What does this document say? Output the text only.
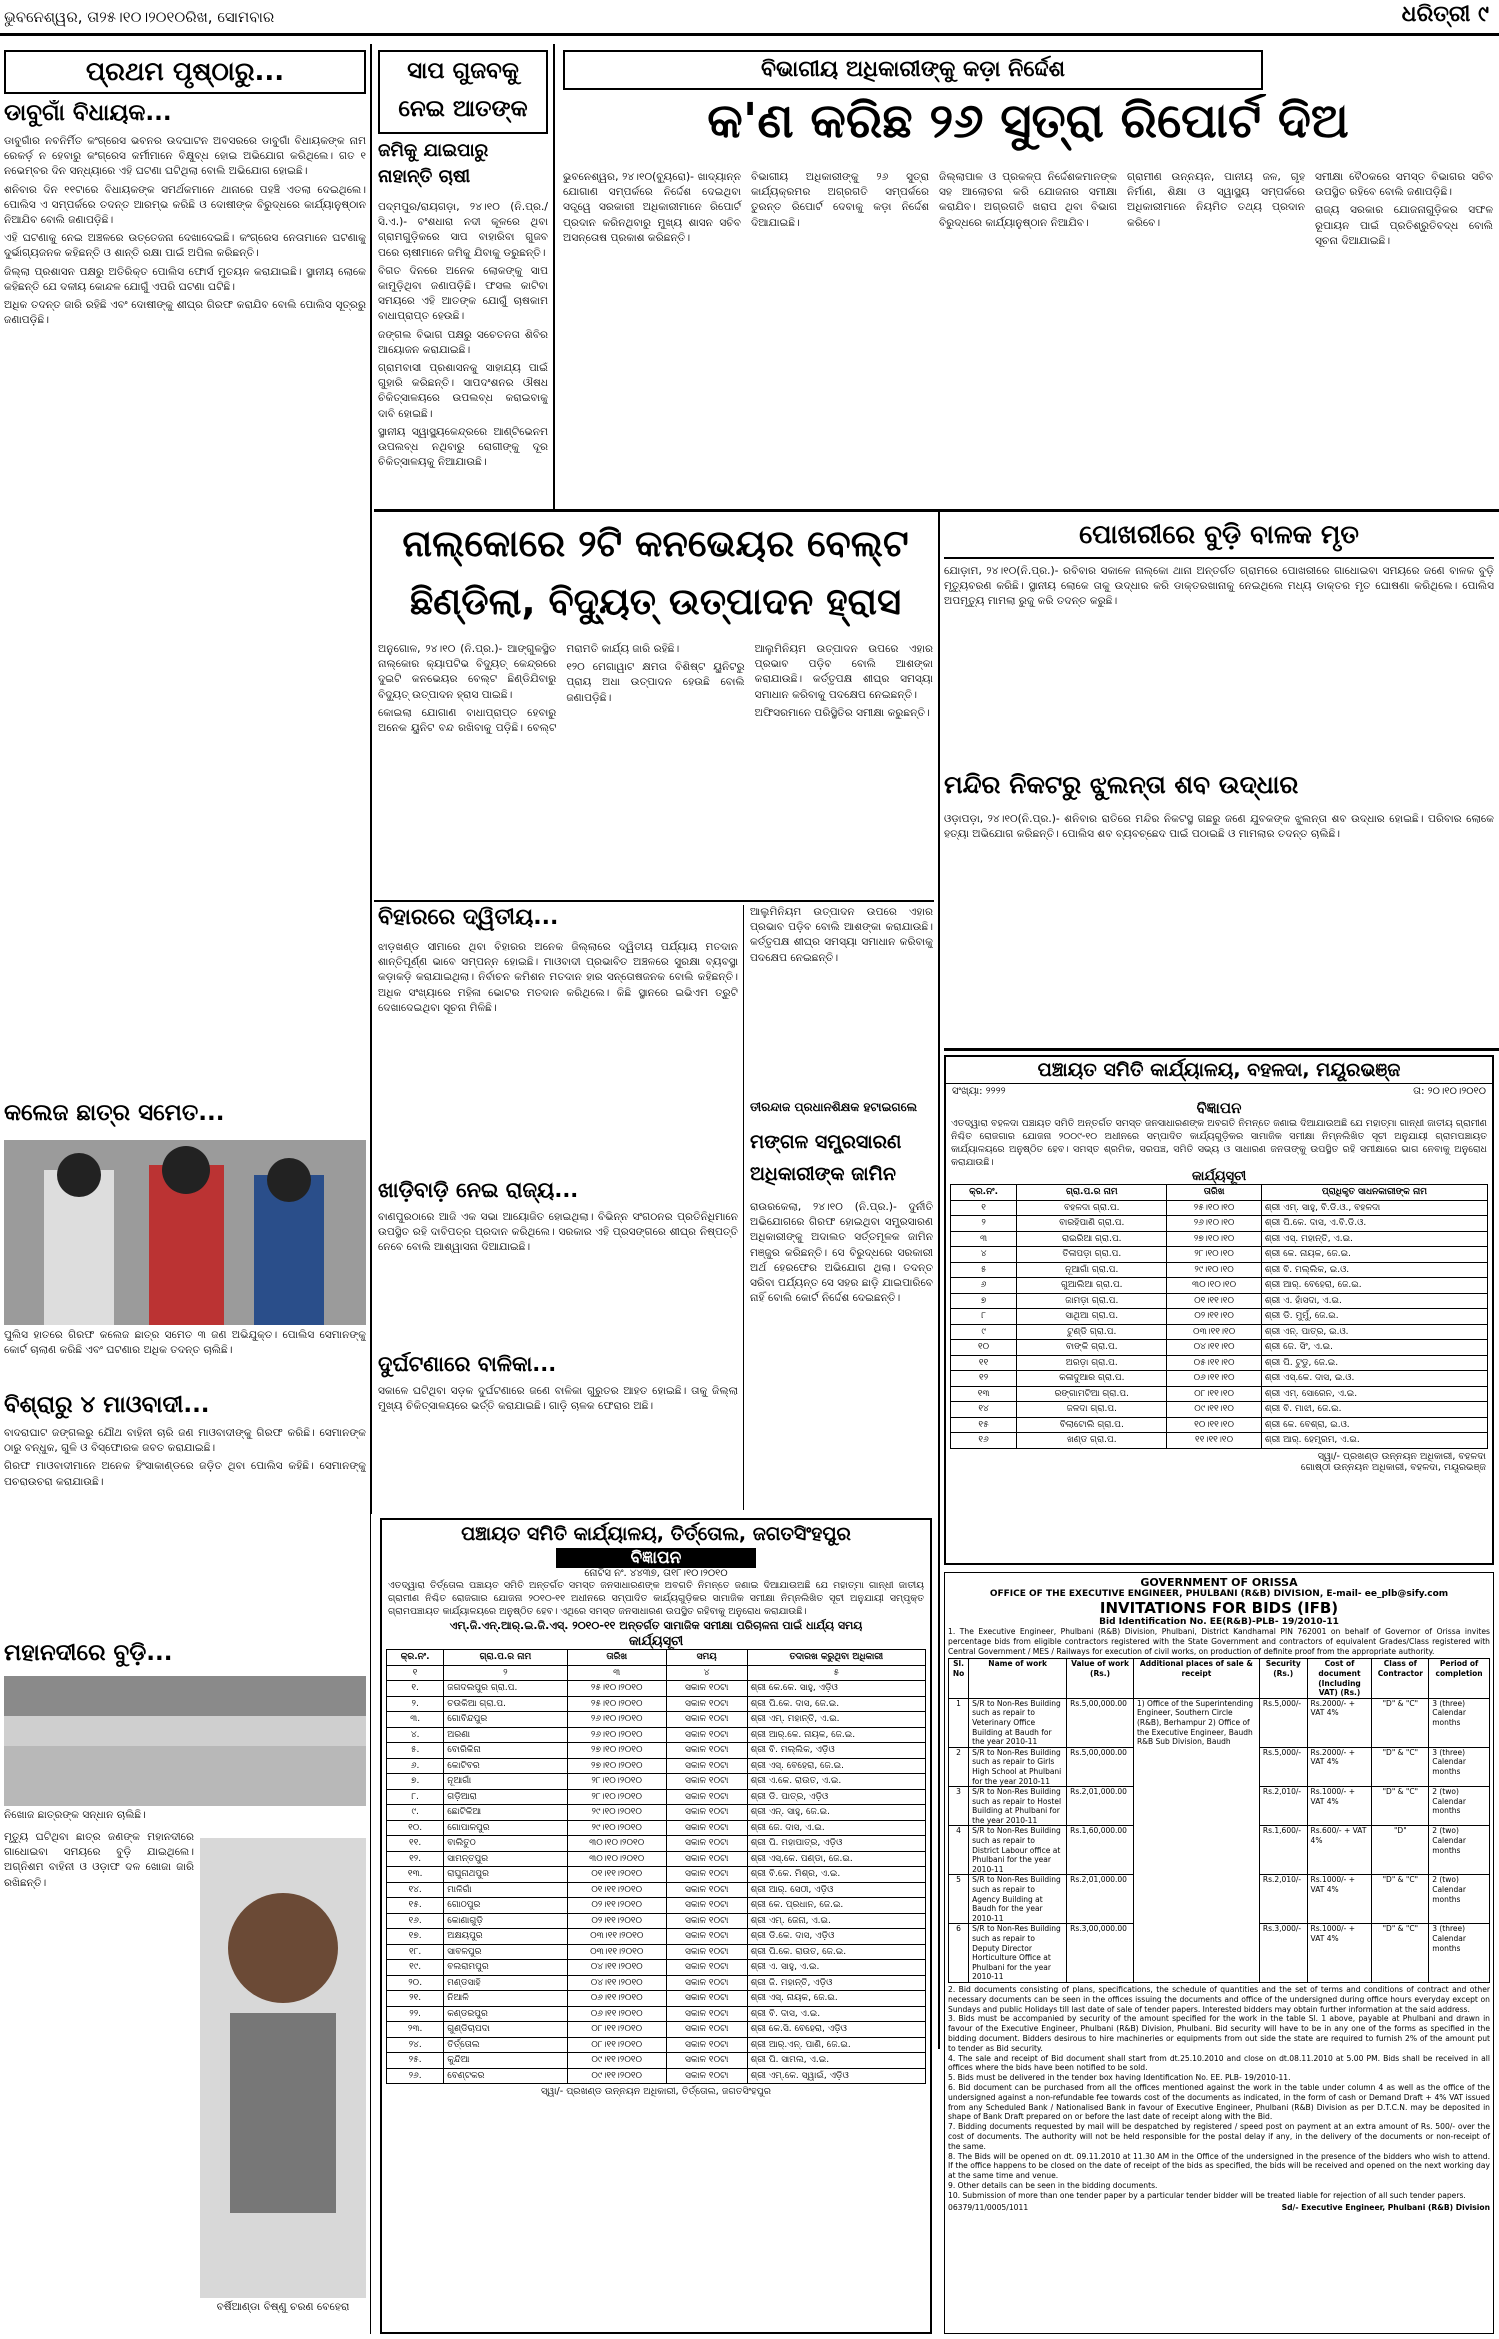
ଭୁବନେଶ୍ୱର, ତା୨୫।୧୦।୨୦୧୦ରିଖ, ସୋମବାର	ଧରିତ୍ରୀ ୯
ପ୍ରଥମ ପୃଷ୍ଠାରୁ...
ଡାବୁଗାଁ ବିଧାୟକ...

ଡାବୁଗାଁର ନବନିର୍ମିତ କଂଗ୍ରେସ ଭବନର ଉଦଘାଟନ ଅବସରରେ ଡାବୁଗାଁ ବିଧାୟକଙ୍କ ନାମ ରେକର୍ଡ଼ ନ ହେବାରୁ କଂଗ୍ରେସ କର୍ମୀମାନେ ବିକ୍ଷୁବ୍ଧ ହୋଇ ଅଭିଯୋଗ କରିଥିଲେ। ଗତ ୧ ନଭେମ୍ବର ଦିନ ସନ୍ଧ୍ୟାରେ ଏହି ଘଟଣା ଘଟିଥିଲା ବୋଲି ଅଭିଯୋଗ ହୋଇଛି।

ଶନିବାର ଦିନ ୧୧ଟାରେ ବିଧାୟକଙ୍କ ସମର୍ଥକମାନେ ଥାନାରେ ପହଞ୍ଚି ଏତଲା ଦେଇଥିଲେ। ପୋଲିସ ଏ ସମ୍ପର୍କରେ ତଦନ୍ତ ଆରମ୍ଭ କରିଛି ଓ ଦୋଷୀଙ୍କ ବିରୁଦ୍ଧରେ କାର୍ଯ୍ୟାନୁଷ୍ଠାନ ନିଆଯିବ ବୋଲି ଜଣାପଡ଼ିଛି।

ଏହି ଘଟଣାକୁ ନେଇ ଅଞ୍ଚଳରେ ଉତ୍ତେଜନା ଦେଖାଦେଇଛି। କଂଗ୍ରେସ ନେତାମାନେ ଘଟଣାକୁ ଦୁର୍ଭାଗ୍ୟଜନକ କହିଛନ୍ତି ଓ ଶାନ୍ତି ରକ୍ଷା ପାଇଁ ଅପିଲ କରିଛନ୍ତି।

ଜିଲ୍ଲା ପ୍ରଶାସନ ପକ୍ଷରୁ ଅତିରିକ୍ତ ପୋଲିସ ଫୋର୍ସ ମୁତୟନ କରାଯାଇଛି। ସ୍ଥାନୀୟ ଲୋକେ କହିଛନ୍ତି ଯେ ଦଳୀୟ କୋନ୍ଦଳ ଯୋଗୁଁ ଏପରି ଘଟଣା ଘଟିଛି।

ଅଧିକ ତଦନ୍ତ ଜାରି ରହିଛି ଏବଂ ଦୋଷୀଙ୍କୁ ଶୀଘ୍ର ଗିରଫ କରାଯିବ ବୋଲି ପୋଲିସ ସୂତ୍ରରୁ ଜଣାପଡ଼ିଛି।

କଲେଜ ଛାତ୍ର ସମେତ...
ପୁଲିସ ହାତରେ ଗିରଫ କଲେଜ ଛାତ୍ର ସମେତ ୩ ଜଣ ଅଭିଯୁକ୍ତ। ପୋଲିସ ସେମାନଙ୍କୁ କୋର୍ଟ ଚାଲାଣ କରିଛି ଏବଂ ଘଟଣାର ଅଧିକ ତଦନ୍ତ ଚାଲିଛି।
ବିଶ୍ରାରୁ ୪ ମାଓବାଦୀ...

ବାଦରାଘାଟ ଜଙ୍ଗଲରୁ ଯୌଥ ବାହିନୀ ଚାରି ଜଣ ମାଓବାଦୀଙ୍କୁ ଗିରଫ କରିଛି। ସେମାନଙ୍କ ଠାରୁ ବନ୍ଧୁକ, ଗୁଳି ଓ ବିସ୍ଫୋରକ ଜବତ କରାଯାଇଛି।

ଗିରଫ ମାଓବାଦୀମାନେ ଅନେକ ହିଂସାକାଣ୍ଡରେ ଜଡ଼ିତ ଥିବା ପୋଲିସ କହିଛି। ସେମାନଙ୍କୁ ପଚରାଉଚରା କରାଯାଉଛି।

ମହାନଦୀରେ ବୁଡ଼ି...
ନିଖୋଜ ଛାତ୍ରଙ୍କ ସନ୍ଧାନ ଚାଲିଛି।
ମୃତ୍ୟୁ ଘଟିଥିବା ଛାତ୍ର ଜଣଙ୍କ ମହାନଦୀରେ ଗାଧୋଇବା ସମୟରେ ବୁଡ଼ି ଯାଇଥିଲେ। ଅଗ୍ନିଶମ ବାହିନୀ ଓ ଓଡ଼ାଫ ଦଳ ଖୋଜା ଜାରି ରଖିଛନ୍ତି।
ବର୍ଷିଆଣ୍ଡା ବିଷ୍ଣୁ ଚରଣ ବେହେରା
ସାପ ଗୁଜବକୁ ନେଇ ଆତଙ୍କ
ଜମିକୁ ଯାଇପାରୁ ନାହାନ୍ତି ଚାଷୀ

ପଦ୍ମପୁର/ରାୟଗଡ଼ା, ୨୪।୧୦ (ନି.ପ୍ର./ସି.ଏ.)- ବଂଶଧାରା ନଦୀ କୂଳରେ ଥିବା ଗ୍ରାମଗୁଡ଼ିକରେ ସାପ ବାହାରିବା ଗୁଜବ ପରେ ଚାଷୀମାନେ ଜମିକୁ ଯିବାକୁ ଡରୁଛନ୍ତି।

ବିଗତ ଦିନରେ ଅନେକ ଲୋକଙ୍କୁ ସାପ କାମୁଡ଼ିଥିବା ଜଣାପଡ଼ିଛି। ଫସଲ କାଟିବା ସମୟରେ ଏହି ଆତଙ୍କ ଯୋଗୁଁ ଚାଷକାମ ବାଧାପ୍ରାପ୍ତ ହେଉଛି।

ଜଙ୍ଗଲ ବିଭାଗ ପକ୍ଷରୁ ସଚେତନତା ଶିବିର ଆୟୋଜନ କରାଯାଇଛି।

ଗ୍ରାମବାସୀ ପ୍ରଶାସନକୁ ସାହାଯ୍ୟ ପାଇଁ ଗୁହାରି କରିଛନ୍ତି। ସାପଦଂଶନର ଔଷଧ ଚିକିତ୍ସାଳୟରେ ଉପଲବ୍ଧ କରାଇବାକୁ ଦାବି ହୋଇଛି।

ସ୍ଥାନୀୟ ସ୍ୱାସ୍ଥ୍ୟକେନ୍ଦ୍ରରେ ଆଣ୍ଟିଭେନମ ଉପଲବ୍ଧ ନଥିବାରୁ ରୋଗୀଙ୍କୁ ଦୂର ଚିକିତ୍ସାଳୟକୁ ନିଆଯାଉଛି।

ବିଭାଗୀୟ ଅଧିକାରୀଙ୍କୁ କଡ଼ା ନିର୍ଦ୍ଦେଶ
କ'ଣ କରିଛ ୨୬ ସୁତ୍ରା ରିପୋର୍ଟ ଦିଅ

ଭୁବନେଶ୍ୱର, ୨୪।୧୦(ବ୍ୟୁରୋ)- ଖାଦ୍ୟାନ୍ନ ଯୋଗାଣ ସମ୍ପର୍କରେ ନିର୍ଦ୍ଦେଶ ଦେଇଥିବା ସତ୍ତ୍ୱେ ସରକାରୀ ଅଧିକାରୀମାନେ ରିପୋର୍ଟ ପ୍ରଦାନ କରିନଥିବାରୁ ମୁଖ୍ୟ ଶାସନ ସଚିବ ଅସନ୍ତୋଷ ପ୍ରକାଶ କରିଛନ୍ତି।

ବିଭାଗୀୟ ଅଧିକାରୀଙ୍କୁ ୨୬ ସୁତ୍ରା କାର୍ଯ୍ୟକ୍ରମର ଅଗ୍ରଗତି ସମ୍ପର୍କରେ ତୁରନ୍ତ ରିପୋର୍ଟ ଦେବାକୁ କଡ଼ା ନିର୍ଦ୍ଦେଶ ଦିଆଯାଇଛି।

ଜିଲ୍ଲାପାଳ ଓ ପ୍ରକଳ୍ପ ନିର୍ଦ୍ଦେଶକମାନଙ୍କ ସହ ଆଲୋଚନା କରି ଯୋଜନାର ସମୀକ୍ଷା କରାଯିବ। ଅଗ୍ରଗତି ଖରାପ ଥିବା ବିଭାଗ ବିରୁଦ୍ଧରେ କାର୍ଯ୍ୟାନୁଷ୍ଠାନ ନିଆଯିବ।

ଗ୍ରାମୀଣ ଉନ୍ନୟନ, ପାନୀୟ ଜଳ, ଗୃହ ନିର୍ମାଣ, ଶିକ୍ଷା ଓ ସ୍ୱାସ୍ଥ୍ୟ ସମ୍ପର୍କରେ ଅଧିକାରୀମାନେ ନିୟମିତ ତଥ୍ୟ ପ୍ରଦାନ କରିବେ।

ସମୀକ୍ଷା ବୈଠକରେ ସମସ୍ତ ବିଭାଗର ସଚିବ ଉପସ୍ଥିତ ରହିବେ ବୋଲି ଜଣାପଡ଼ିଛି।

ରାଜ୍ୟ ସରକାର ଯୋଜନାଗୁଡ଼ିକର ସଫଳ ରୂପାୟନ ପାଇଁ ପ୍ରତିଶ୍ରୁତିବଦ୍ଧ ବୋଲି ସୂଚନା ଦିଆଯାଇଛି।

ନାଲ୍କୋରେ ୨ଟି କନଭେୟର ବେଲ୍ଟ ଛିଣ୍ଡିଲା, ବିଦ୍ୟୁତ୍ ଉତ୍ପାଦନ ହ୍ରାସ

ଅନୁଗୋଳ, ୨୪।୧୦ (ନି.ପ୍ର.)- ଆଙ୍ଗୁଳସ୍ଥିତ ନାଲ୍କୋର କ୍ୟାପଟିଭ ବିଦ୍ୟୁତ୍ କେନ୍ଦ୍ରରେ ଦୁଇଟି କନଭେୟର ବେଲ୍ଟ ଛିଣ୍ଡିଯିବାରୁ ବିଦ୍ୟୁତ୍ ଉତ୍ପାଦନ ହ୍ରାସ ପାଇଛି।

କୋଇଲା ଯୋଗାଣ ବାଧାପ୍ରାପ୍ତ ହେବାରୁ ଅନେକ ୟୁନିଟ ବନ୍ଦ ରଖିବାକୁ ପଡ଼ିଛି। ବେଲ୍ଟ ମରାମତି କାର୍ଯ୍ୟ ଜାରି ରହିଛି।

୧୨୦ ମେଗାୱାଟ କ୍ଷମତା ବିଶିଷ୍ଟ ୟୁନିଟରୁ ପ୍ରାୟ ଅଧା ଉତ୍ପାଦନ ହେଉଛି ବୋଲି ଜଣାପଡ଼ିଛି।

ଆଲୁମିନିୟମ ଉତ୍ପାଦନ ଉପରେ ଏହାର ପ୍ରଭାବ ପଡ଼ିବ ବୋଲି ଆଶଙ୍କା କରାଯାଉଛି। କର୍ତ୍ତୃପକ୍ଷ ଶୀଘ୍ର ସମସ୍ୟା ସମାଧାନ କରିବାକୁ ପଦକ୍ଷେପ ନେଇଛନ୍ତି।

ଅଫିସରମାନେ ପରିସ୍ଥିତିର ସମୀକ୍ଷା କରୁଛନ୍ତି।

ପୋଖରୀରେ ବୁଡ଼ି ବାଳକ ମୃତ
ଯୋଡ଼ାମ, ୨୪।୧୦(ନି.ପ୍ର.)- ରବିବାର ସକାଳେ ନାଲ୍କୋ ଥାନା ଅନ୍ତର୍ଗତ ଗ୍ରାମରେ ପୋଖରୀରେ ଗାଧୋଇବା ସମୟରେ ଜଣେ ବାଳକ ବୁଡ଼ି ମୃତ୍ୟୁବରଣ କରିଛି। ସ୍ଥାନୀୟ ଲୋକେ ତାକୁ ଉଦ୍ଧାର କରି ଡାକ୍ତରଖାନାକୁ ନେଇଥିଲେ ମଧ୍ୟ ଡାକ୍ତର ମୃତ ଘୋଷଣା କରିଥିଲେ। ପୋଲିସ ଅପମୃତ୍ୟୁ ମାମଲା ରୁଜୁ କରି ତଦନ୍ତ କରୁଛି।
ମନ୍ଦିର ନିକଟରୁ ଝୁଲନ୍ତା ଶବ ଉଦ୍ଧାର
ଓଡ଼ାପଡ଼ା, ୨୪।୧୦(ନି.ପ୍ର.)- ଶନିବାର ରାତିରେ ମନ୍ଦିର ନିକଟସ୍ଥ ଗଛରୁ ଜଣେ ଯୁବକଙ୍କ ଝୁଲନ୍ତା ଶବ ଉଦ୍ଧାର ହୋଇଛି। ପରିବାର ଲୋକେ ହତ୍ୟା ଅଭିଯୋଗ କରିଛନ୍ତି। ପୋଲିସ ଶବ ବ୍ୟବଚ୍ଛେଦ ପାଇଁ ପଠାଇଛି ଓ ମାମଲାର ତଦନ୍ତ ଚାଲିଛି।
ବିହାରରେ ଦ୍ୱିତୀୟ...
ଝାଡ଼ଖଣ୍ଡ ସୀମାରେ ଥିବା ବିହାରର ଅନେକ ଜିଲ୍ଲାରେ ଦ୍ୱିତୀୟ ପର୍ଯ୍ୟାୟ ମତଦାନ ଶାନ୍ତିପୂର୍ଣ୍ଣ ଭାବେ ସମ୍ପନ୍ନ ହୋଇଛି। ମାଓବାଦୀ ପ୍ରଭାବିତ ଅଞ୍ଚଳରେ ସୁରକ୍ଷା ବ୍ୟବସ୍ଥା କଡ଼ାକଡ଼ି କରାଯାଇଥିଲା। ନିର୍ବାଚନ କମିଶନ ମତଦାନ ହାର ସନ୍ତୋଷଜନକ ବୋଲି କହିଛନ୍ତି। ଅଧିକ ସଂଖ୍ୟାରେ ମହିଳା ଭୋଟର ମତଦାନ କରିଥିଲେ। କିଛି ସ୍ଥାନରେ ଇଭିଏମ ତ୍ରୁଟି ଦେଖାଦେଇଥିବା ସୂଚନା ମିଳିଛି।
ଖାଡ଼ିବାଡ଼ି ନେଇ ରାଜ୍ୟ...
ବାଣପୁରଠାରେ ଆଜି ଏକ ସଭା ଆୟୋଜିତ ହୋଇଥିଲା। ବିଭିନ୍ନ ସଂଗଠନର ପ୍ରତିନିଧିମାନେ ଉପସ୍ଥିତ ରହି ଦାବିପତ୍ର ପ୍ରଦାନ କରିଥିଲେ। ସରକାର ଏହି ପ୍ରସଙ୍ଗରେ ଶୀଘ୍ର ନିଷ୍ପତ୍ତି ନେବେ ବୋଲି ଆଶ୍ୱାସନା ଦିଆଯାଇଛି।
ଦୁର୍ଘଟଣାରେ ବାଳିକା...
ସକାଳେ ଘଟିଥିବା ସଡ଼କ ଦୁର୍ଘଟଣାରେ ଜଣେ ବାଳିକା ଗୁରୁତର ଆହତ ହୋଇଛି। ତାକୁ ଜିଲ୍ଲା ମୁଖ୍ୟ ଚିକିତ୍ସାଳୟରେ ଭର୍ତ୍ତି କରାଯାଇଛି। ଗାଡ଼ି ଚାଳକ ଫେରାର ଅଛି।
ତୀରନ୍ଦାଜ ପ୍ରଧାନଶିକ୍ଷକ ହଟାଇଗଲେ
ଆଲୁମିନିୟମ ଉତ୍ପାଦନ ଉପରେ ଏହାର ପ୍ରଭାବ ପଡ଼ିବ ବୋଲି ଆଶଙ୍କା କରାଯାଉଛି। କର୍ତ୍ତୃପକ୍ଷ ଶୀଘ୍ର ସମସ୍ୟା ସମାଧାନ କରିବାକୁ ପଦକ୍ଷେପ ନେଇଛନ୍ତି।
ମଙ୍ଗଳ ସମ୍ପ୍ରସାରଣ ଅଧିକାରୀଙ୍କ ଜାମିନ
ରାଉରକେଲା, ୨୪।୧୦ (ନି.ପ୍ର.)- ଦୁର୍ନୀତି ଅଭିଯୋଗରେ ଗିରଫ ହୋଇଥିବା ସମ୍ପ୍ରସାରଣ ଅଧିକାରୀଙ୍କୁ ଅଦାଲତ ସର୍ତ୍ତମୂଳକ ଜାମିନ ମଞ୍ଜୁର କରିଛନ୍ତି। ସେ ବିରୁଦ୍ଧରେ ସରକାରୀ ଅର୍ଥ ହେରଫେର ଅଭିଯୋଗ ଥିଲା। ତଦନ୍ତ ସରିବା ପର୍ଯ୍ୟନ୍ତ ସେ ସହର ଛାଡ଼ି ଯାଇପାରିବେ ନାହିଁ ବୋଲି କୋର୍ଟ ନିର୍ଦ୍ଦେଶ ଦେଇଛନ୍ତି।
ପଞ୍ଚାୟତ ସମିତି କାର୍ଯ୍ୟାଳୟ, ବହଳଦା, ମୟୂରଭଞ୍ଜ
ସଂଖ୍ୟା: ୨୨୨୨	ତା: ୨୦।୧୦।୨୦୧୦
ବିଜ୍ଞାପନ
ଏତଦ୍ୱାରା ବହଳଦା ପଞ୍ଚାୟତ ସମିତି ଅନ୍ତର୍ଗତ ସମସ୍ତ ଜନସାଧାରଣଙ୍କ ଅବଗତି ନିମନ୍ତେ ଜଣାଇ ଦିଆଯାଉଅଛି ଯେ ମହାତ୍ମା ଗାନ୍ଧୀ ଜାତୀୟ ଗ୍ରାମୀଣ ନିଶ୍ଚିତ ରୋଜଗାର ଯୋଜନା ୨୦୦୯-୧୦ ଅଧୀନରେ ସମ୍ପାଦିତ କାର୍ଯ୍ୟଗୁଡ଼ିକର ସାମାଜିକ ସମୀକ୍ଷା ନିମ୍ନଲିଖିତ ସୂଚୀ ଅନୁଯାୟୀ ଗ୍ରାମପଞ୍ଚାୟତ କାର୍ଯ୍ୟାଳୟରେ ଅନୁଷ୍ଠିତ ହେବ। ସମସ୍ତ ଶ୍ରମିକ, ସରପଞ୍ଚ, ସମିତି ସଭ୍ୟ ଓ ସାଧାରଣ ଜନତାଙ୍କୁ ଉପସ୍ଥିତ ରହି ସମୀକ୍ଷାରେ ଭାଗ ନେବାକୁ ଅନୁରୋଧ କରାଯାଉଛି।
କାର୍ଯ୍ୟସୂଚୀ
କ୍ର.ନଂ.	ଗ୍ରା.ପ.ର ନାମ	ତାରିଖ	ପ୍ରାଧିକୃତ ସାଧନକାରୀଙ୍କ ନାମ
୧	ବହଳଦା ଗ୍ରା.ପ.	୨୫।୧୦।୧୦	ଶ୍ରୀ ଏମ୍. ସାହୁ, ବି.ଡି.ଓ., ବହଳଦା
୨	ବାରହିପାଣି ଗ୍ରା.ପ.	୨୬।୧୦।୧୦	ଶ୍ରୀ ପି.କେ. ଦାସ, ଏ.ବି.ଡି.ଓ.
୩	ରାଇରିଆ ଗ୍ରା.ପ.	୨୭।୧୦।୧୦	ଶ୍ରୀ ଏସ୍. ମହାନ୍ତି, ଏ.ଇ.
୪	ତିଳାପଡ଼ା ଗ୍ରା.ପ.	୨୮।୧୦।୧୦	ଶ୍ରୀ କେ. ନାୟକ, ଜେ.ଇ.
୫	ନୂଆଗାଁ ଗ୍ରା.ପ.	୨୯।୧୦।୧୦	ଶ୍ରୀ ବି. ମଲ୍ଲିକ, ଇ.ଓ.
୬	ଗୁଆଲିଆ ଗ୍ରା.ପ.	୩୦।୧୦।୧୦	ଶ୍ରୀ ଆର୍. ବେହେରା, ଜେ.ଇ.
୭	ଜାମଡ଼ା ଗ୍ରା.ପ.	୦୧।୧୧।୧୦	ଶ୍ରୀ ଏ. ହାଁସଦା, ଏ.ଇ.
୮	ସାଥିଆ ଗ୍ରା.ପ.	୦୨।୧୧।୧୦	ଶ୍ରୀ ଡି. ମୁର୍ମୁ, ଜେ.ଇ.
୯	ଟୁଣ୍ଡି ଗ୍ରା.ପ.	୦୩।୧୧।୧୦	ଶ୍ରୀ ଏନ୍. ପାତ୍ର, ଇ.ଓ.
୧୦	ବାଙ୍କି ଗ୍ରା.ପ.	୦୪।୧୧।୧୦	ଶ୍ରୀ ଜେ. ସିଂ, ଏ.ଇ.
୧୧	ଅରଡ଼ା ଗ୍ରା.ପ.	୦୫।୧୧।୧୦	ଶ୍ରୀ ପି. ଟୁଡୁ, ଜେ.ଇ.
୧୨	କଳାଦୁଆର ଗ୍ରା.ପ.	୦୬।୧୧।୧୦	ଶ୍ରୀ ଏସ୍.କେ. ଦାସ, ଇ.ଓ.
୧୩	ରଙ୍ଗାମଟିଆ ଗ୍ରା.ପ.	୦୮।୧୧।୧୦	ଶ୍ରୀ ଏମ୍. ସୋରେନ, ଏ.ଇ.
୧୪	ଜଳଦା ଗ୍ରା.ପ.	୦୯।୧୧।୧୦	ଶ୍ରୀ ବି. ମାଝୀ, ଜେ.ଇ.
୧୫	ବିଲାଟୋଲି ଗ୍ରା.ପ.	୧୦।୧୧।୧୦	ଶ୍ରୀ କେ. ବେଶ୍ରା, ଇ.ଓ.
୧୬	ଖଣ୍ଡ ଗ୍ରା.ପ.	୧୧।୧୧।୧୦	ଶ୍ରୀ ଆର୍. ହେମ୍ବ୍ରମ, ଏ.ଇ.
ସ୍ୱା/- ପ୍ରଖଣ୍ଡ ଉନ୍ନୟନ ଅଧିକାରୀ, ବହଳଦା
ଗୋଷ୍ଠୀ ଉନ୍ନୟନ ଅଧିକାରୀ, ବହଳଦା, ମୟୂରଭଞ୍ଜ
GOVERNMENT OF ORISSA
OFFICE OF THE EXECUTIVE ENGINEER, PHULBANI (R&B) DIVISION, E-mail- ee_plb@sify.com
INVITATIONS FOR BIDS (IFB)
Bid Identification No. EE(R&B)-PLB- 19/2010-11
1. The Executive Engineer, Phulbani (R&B) Division, Phulbani, District Kandhamal PIN 762001 on behalf of Governor of Orissa invites percentage bids from eligible contractors registered with the State Government and contractors of equivalent Grades/Class registered with Central Government / MES / Railways for execution of civil works, on production of definite proof from the appropriate authority.
Sl. No	Name of work	Value of work (Rs.)	Additional places of sale & receipt	Security (Rs.)	Cost of document (Including VAT) (Rs.)	Class of Contractor	Period of completion
1	S/R to Non-Res Building such as repair to Veterinary Office Building at Baudh for the year 2010-11	Rs.5,00,000.00	1) Office of the Superintending Engineer, Southern Circle (R&B), Berhampur 2) Office of the Executive Engineer, Baudh R&B Sub Division, Baudh	Rs.5,000/-	Rs.2000/- + VAT 4%	"D" & "C"	3 (three) Calendar months
2	S/R to Non-Res Building such as repair to Girls High School at Phulbani for the year 2010-11	Rs.5,00,000.00		Rs.5,000/-	Rs.2000/- + VAT 4%	"D" & "C"	3 (three) Calendar months
3	S/R to Non-Res Building such as repair to Hostel Building at Phulbani for the year 2010-11	Rs.2,01,000.00		Rs.2,010/-	Rs.1000/- + VAT 4%	"D" & "C"	2 (two) Calendar months
4	S/R to Non-Res Building such as repair to District Labour office at Phulbani for the year 2010-11	Rs.1,60,000.00		Rs.1,600/-	Rs.600/- + VAT 4%	"D"	2 (two) Calendar months
5	S/R to Non-Res Building such as repair to Agency Building at Baudh for the year 2010-11	Rs.2,01,000.00		Rs.2,010/-	Rs.1000/- + VAT 4%	"D" & "C"	2 (two) Calendar months
6	S/R to Non-Res Building such as repair to Deputy Director Horticulture Office at Phulbani for the year 2010-11	Rs.3,00,000.00		Rs.3,000/-	Rs.1000/- + VAT 4%	"D" & "C"	3 (three) Calendar months
2. Bid documents consisting of plans, specifications, the schedule of quantities and the set of terms and conditions of contract and other necessary documents can be seen in the offices issuing the documents and office of the undersigned during office hours everyday except on Sundays and public Holidays till last date of sale of tender papers. Interested bidders may obtain further information at the said address.
3. Bids must be accompanied by security of the amount specified for the work in the table Sl. 1 above, payable at Phulbani and drawn in favour of the Executive Engineer, Phulbani (R&B) Division, Phulbani. Bid security will have to be in any one of the forms as specified in the bidding document. Bidders desirous to hire machineries or equipments from out side the state are required to furnish 2% of the amount put to tender as Bid security.
4. The sale and receipt of Bid document shall start from dt.25.10.2010 and close on dt.08.11.2010 at 5.00 PM. Bids shall be received in all offices where the bids have been notified to be sold.
5. Bids must be delivered in the tender box having Identification No. EE. PLB- 19/2010-11.
6. Bid document can be purchased from all the offices mentioned against the work in the table under column 4 as well as the office of the undersigned against a non-refundable fee towards cost of the documents as indicated, in the form of cash or Demand Draft + 4% VAT issued from any Scheduled Bank / Nationalised Bank in favour of Executive Engineer, Phulbani (R&B) Division as per D.T.C.N. may be deposited in shape of Bank Draft prepared on or before the last date of receipt along with the Bid.
7. Bidding documents requested by mail will be despatched by registered / speed post on payment at an extra amount of Rs. 500/- over the cost of documents. The authority will not be held responsible for the postal delay if any, in the delivery of the documents or non-receipt of the same.
8. The Bids will be opened on dt. 09.11.2010 at 11.30 AM in the Office of the undersigned in the presence of the bidders who wish to attend. If the office happens to be closed on the date of receipt of the bids as specified, the bids will be received and opened on the next working day at the same time and venue.
9. Other details can be seen in the bidding documents.
10. Submission of more than one tender paper by a particular tender bidder will be treated liable for rejection of all such tender papers.
06379/11/0005/1011	Sd/- Executive Engineer, Phulbani (R&B) Division
ପଞ୍ଚାୟତ ସମିତି କାର୍ଯ୍ୟାଳୟ, ତିର୍ତ୍ତୋଲ, ଜଗତସିଂହପୁର
ବିଜ୍ଞାପନ
ନୋଟିସ ନଂ. ୪୪୩୭, ତା୧୮।୧୦।୨୦୧୦
ଏତଦ୍ୱାରା ତିର୍ତ୍ତୋଲ ପଞ୍ଚାୟତ ସମିତି ଅନ୍ତର୍ଗତ ସମସ୍ତ ଜନସାଧାରଣଙ୍କ ଅବଗତି ନିମନ୍ତେ ଜଣାଇ ଦିଆଯାଉଅଛି ଯେ ମହାତ୍ମା ଗାନ୍ଧୀ ଜାତୀୟ ଗ୍ରାମୀଣ ନିଶ୍ଚିତ ରୋଜଗାର ଯୋଜନା ୨୦୧୦-୧୧ ଅଧୀନରେ ସମ୍ପାଦିତ କାର୍ଯ୍ୟଗୁଡ଼ିକର ସାମାଜିକ ସମୀକ୍ଷା ନିମ୍ନଲିଖିତ ସୂଚୀ ଅନୁଯାୟୀ ସମ୍ପୃକ୍ତ ଗ୍ରାମପଞ୍ଚାୟତ କାର୍ଯ୍ୟାଳୟରେ ଅନୁଷ୍ଠିତ ହେବ। ଏଥିରେ ସମସ୍ତ ଜନସାଧାରଣ ଉପସ୍ଥିତ ରହିବାକୁ ଅନୁରୋଧ କରାଯାଉଛି।
ଏମ୍.ଜି.ଏନ୍.ଆର୍.ଇ.ଜି.ଏସ୍. ୨୦୧୦-୧୧ ଅନ୍ତର୍ଗତ ସାମାଜିକ ସମୀକ୍ଷା ପରିଚାଳନା ପାଇଁ ଧାର୍ଯ୍ୟ ସମୟ
କାର୍ଯ୍ୟସୂଚୀ
କ୍ର.ନଂ.	ଗ୍ରା.ପ.ର ନାମ	ତାରିଖ	ସମୟ	ତଦାରଖ କରୁଥିବା ଅଧିକାରୀ
୧	୨	୩	୪	୫
୧.	ଜଗଦଲପୁର ଗ୍ରା.ପ.	୨୫।୧୦।୨୦୧୦	ସକାଳ ୧୦ଟା	ଶ୍ରୀ କେ.କେ. ସାହୁ, ଏଡ଼ିଓ
୨.	ଚଉକିଆ ଗ୍ରା.ପ.	୨୫।୧୦।୨୦୧୦	ସକାଳ ୧୦ଟା	ଶ୍ରୀ ପି.କେ. ଦାସ, ଜେ.ଇ.
୩.	ଗୋବିନ୍ଦପୁର	୨୬।୧୦।୨୦୧୦	ସକାଳ ୧୦ଟା	ଶ୍ରୀ ଏମ୍. ମହାନ୍ତି, ଏ.ଇ.
୪.	ଅରଣା	୨୬।୧୦।୨୦୧୦	ସକାଳ ୧୦ଟା	ଶ୍ରୀ ଆର୍.କେ. ନାୟକ, ଜେ.ଇ.
୫.	ବୋରିକିନା	୨୭।୧୦।୨୦୧୦	ସକାଳ ୧୦ଟା	ଶ୍ରୀ ବି. ମଲ୍ଲିକ, ଏଡ଼ିଓ
୬.	କୋଟିବର	୨୭।୧୦।୨୦୧୦	ସକାଳ ୧୦ଟା	ଶ୍ରୀ ଏସ୍. ବେହେରା, ଜେ.ଇ.
୭.	ନୂଆଗାଁ	୨୮।୧୦।୨୦୧୦	ସକାଳ ୧୦ଟା	ଶ୍ରୀ ଏ.କେ. ରାଉତ, ଏ.ଇ.
୮.	ଗଡ଼ିଆରା	୨୮।୧୦।୨୦୧୦	ସକାଳ ୧୦ଟା	ଶ୍ରୀ ଡି. ପାତ୍ର, ଏଡ଼ିଓ
୯.	ଛୋଟିକିଆ	୨୯।୧୦।୨୦୧୦	ସକାଳ ୧୦ଟା	ଶ୍ରୀ ଏନ୍. ସାହୁ, ଜେ.ଇ.
୧୦.	ଗୋପାଳପୁର	୨୯।୧୦।୨୦୧୦	ସକାଳ ୧୦ଟା	ଶ୍ରୀ ଜେ. ଦାସ, ଏ.ଇ.
୧୧.	ବାଲିତୁଠ	୩୦।୧୦।୨୦୧୦	ସକାଳ ୧୦ଟା	ଶ୍ରୀ ପି. ମହାପାତ୍ର, ଏଡ଼ିଓ
୧୨.	ସାମନ୍ତପୁର	୩୦।୧୦।୨୦୧୦	ସକାଳ ୧୦ଟା	ଶ୍ରୀ ଏସ୍.କେ. ପଣ୍ଡା, ଜେ.ଇ.
୧୩.	ରାଘୁନାଥପୁର	୦୧।୧୧।୨୦୧୦	ସକାଳ ୧୦ଟା	ଶ୍ରୀ ବି.କେ. ମିଶ୍ର, ଏ.ଇ.
୧୪.	ମାଳିଗାଁ	୦୧।୧୧।୨୦୧୦	ସକାଳ ୧୦ଟା	ଶ୍ରୀ ଆର୍. ସେଠୀ, ଏଡ଼ିଓ
୧୫.	ଗୋଠପୁର	୦୨।୧୧।୨୦୧୦	ସକାଳ ୧୦ଟା	ଶ୍ରୀ କେ. ପ୍ରଧାନ, ଜେ.ଇ.
୧୬.	କୋଣାଗୁଡ଼ି	୦୨।୧୧।୨୦୧୦	ସକାଳ ୧୦ଟା	ଶ୍ରୀ ଏମ୍. ଜେନା, ଏ.ଇ.
୧୭.	ଅକ୍ଷୟପୁର	୦୩।୧୧।୨୦୧୦	ସକାଳ ୧୦ଟା	ଶ୍ରୀ ଡି.କେ. ଦାସ, ଏଡ଼ିଓ
୧୮.	ସାବଳପୁର	୦୩।୧୧।୨୦୧୦	ସକାଳ ୧୦ଟା	ଶ୍ରୀ ପି.କେ. ରାଉତ, ଜେ.ଇ.
୧୯.	ବଲରାମପୁର	୦୪।୧୧।୨୦୧୦	ସକାଳ ୧୦ଟା	ଶ୍ରୀ ଏ. ସାହୁ, ଏ.ଇ.
୨୦.	ମଣ୍ଡସାହି	୦୪।୧୧।୨୦୧୦	ସକାଳ ୧୦ଟା	ଶ୍ରୀ ଜି. ମହାନ୍ତି, ଏଡ଼ିଓ
୨୧.	ନିଆଳି	୦୬।୧୧।୨୦୧୦	ସକାଳ ୧୦ଟା	ଶ୍ରୀ ଏସ୍. ନାୟକ, ଜେ.ଇ.
୨୨.	କଣ୍ଡରପୁର	୦୬।୧୧।୨୦୧୦	ସକାଳ ୧୦ଟା	ଶ୍ରୀ ବି. ଦାସ, ଏ.ଇ.
୨୩.	ଗୁଣ୍ଡିଚାପଦା	୦୮।୧୧।୨୦୧୦	ସକାଳ ୧୦ଟା	ଶ୍ରୀ କେ.ସି. ବେହେରା, ଏଡ଼ିଓ
୨୪.	ତିର୍ତ୍ତୋଲ	୦୮।୧୧।୨୦୧୦	ସକାଳ ୧୦ଟା	ଶ୍ରୀ ଆର୍.ଏନ୍. ପାଣି, ଜେ.ଇ.
୨୫.	କୁନ୍ଦିଆ	୦୯।୧୧।୨୦୧୦	ସକାଳ ୧୦ଟା	ଶ୍ରୀ ପି. ସାମଲ, ଏ.ଇ.
୨୬.	ବେଣ୍ଟକର	୦୯।୧୧।୨୦୧୦	ସକାଳ ୧୦ଟା	ଶ୍ରୀ ଏମ୍.କେ. ସ୍ୱାଇଁ, ଏଡ଼ିଓ
ସ୍ୱା/- ପ୍ରଖଣ୍ଡ ଉନ୍ନୟନ ଅଧିକାରୀ, ତିର୍ତ୍ତୋଲ, ଜଗତସିଂହପୁର
